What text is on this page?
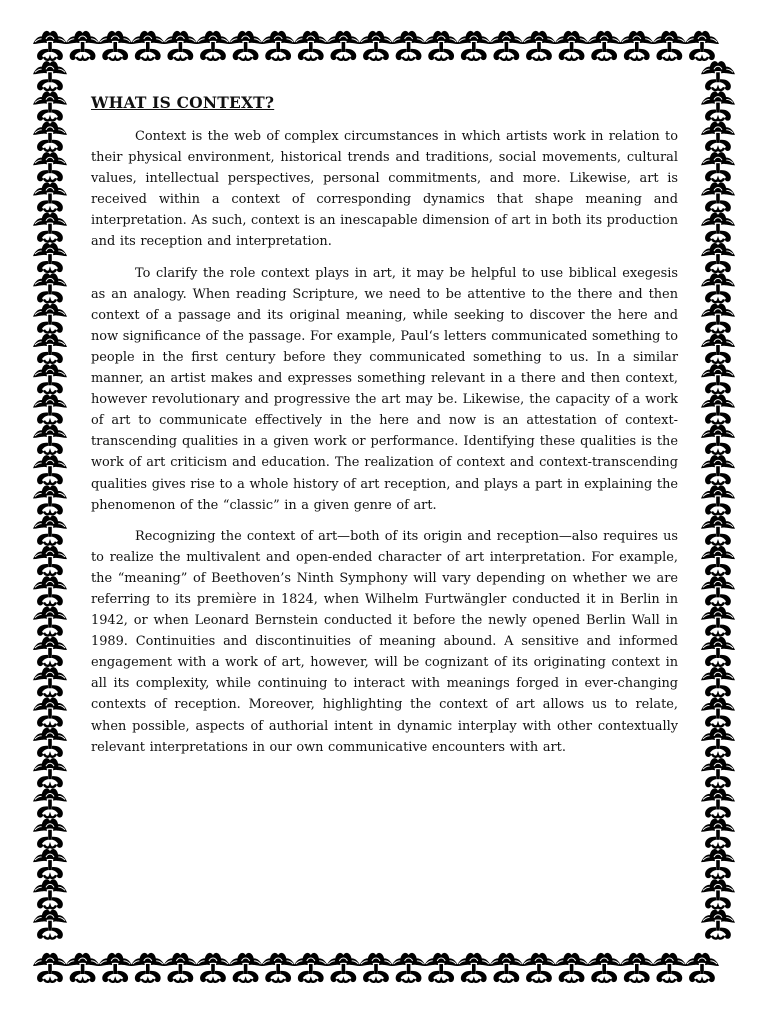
WHAT IS CONTEXT?

Context is the web of complex circumstances in which artists work in relation to their physical environment, historical trends and traditions, social movements, cultural values, intellectual perspectives, personal commitments, and more. Likewise, art is received within a context of corresponding dynamics that shape meaning and interpretation. As such, context is an inescapable dimension of art in both its production and its reception and interpretation.

To clarify the role context plays in art, it may be helpful to use biblical exegesis as an analogy. When reading Scripture, we need to be attentive to the there and then context of a passage and its original meaning, while seeking to discover the here and now significance of the passage. For example, Paul‘s letters communicated something to people in the first century before they communicated something to us. In a similar manner, an artist makes and expresses something relevant in a there and then context, however revolutionary and progressive the art may be. Likewise, the capacity of a work of art to communicate effectively in the here and now is an attestation of context-transcending qualities in a given work or performance. Identifying these qualities is the work of art criticism and education. The realization of context and context-transcending qualities gives rise to a whole history of art reception, and plays a part in explaining the phenomenon of the “classic” in a given genre of art.

Recognizing the context of art—both of its origin and reception—also requires us to realize the multivalent and open-ended character of art interpretation. For example, the “meaning” of Beethoven’s Ninth Symphony will vary depending on whether we are referring to its première in 1824, when Wilhelm Furtwängler conducted it in Berlin in 1942, or when Leonard Bernstein conducted it before the newly opened Berlin Wall in 1989. Continuities and discontinuities of meaning abound. A sensitive and informed engagement with a work of art, however, will be cognizant of its originating context in all its complexity, while continuing to interact with meanings forged in ever-changing contexts of reception. Moreover, highlighting the context of art allows us to relate, when possible, aspects of authorial intent in dynamic interplay with other contextually relevant interpretations in our own communicative encounters with art.
